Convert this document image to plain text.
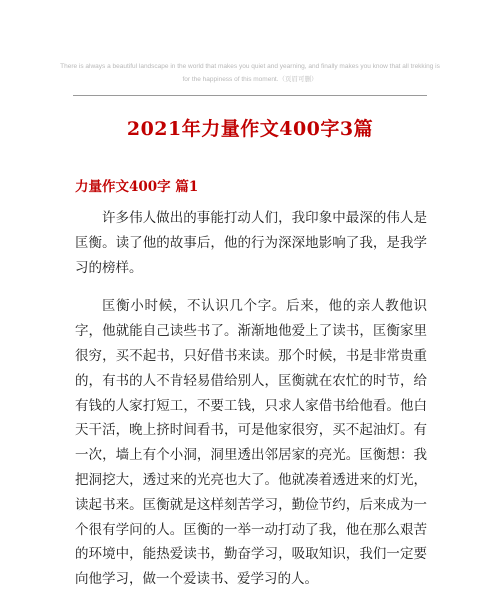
There is always a beautiful landscape in the world that makes you quiet and yearning, and finally makes you know that all trekking is for the happiness of this moment.（页眉可删）
2021年力量作文400字3篇
力量作文400字 篇1

许多伟人做出的事能打动人们，我印象中最深的伟人是匡衡。读了他的故事后，他的行为深深地影响了我，是我学习的榜样。

匡衡小时候，不认识几个字。后来，他的亲人教他识字，他就能自己读些书了。渐渐地他爱上了读书，匡衡家里很穷，买不起书，只好借书来读。那个时候，书是非常贵重的，有书的人不肯轻易借给别人，匡衡就在农忙的时节，给有钱的人家打短工，不要工钱，只求人家借书给他看。他白天干活，晚上挤时间看书，可是他家很穷，买不起油灯。有一次，墙上有个小洞，洞里透出邻居家的亮光。匡衡想：我把洞挖大，透过来的光亮也大了。他就凑着透进来的灯光，读起书来。匡衡就是这样刻苦学习，勤俭节约，后来成为一个很有学问的人。匡衡的一举一动打动了我，他在那么艰苦的环境中，能热爱读书，勤奋学习，吸取知识，我们一定要向他学习，做一个爱读书、爱学习的人。
